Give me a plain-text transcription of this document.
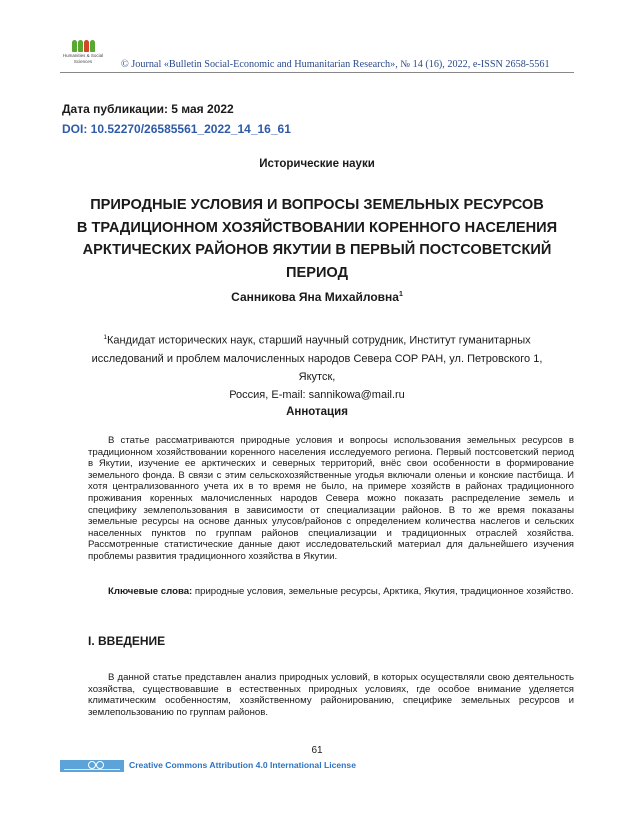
Humanities & Social
Sciences	© Journal «Bulletin Social-Economic and Humanitarian Research», № 14 (16), 2022, e-ISSN 2658-5561
Дата публикации: 5 мая 2022
DOI: 10.52270/26585561_2022_14_16_61
Исторические науки
ПРИРОДНЫЕ УСЛОВИЯ И ВОПРОСЫ ЗЕМЕЛЬНЫХ РЕСУРСОВ
В ТРАДИЦИОННОМ ХОЗЯЙСТВОВАНИИ КОРЕННОГО НАСЕЛЕНИЯ
АРКТИЧЕСКИХ РАЙОНОВ ЯКУТИИ В ПЕРВЫЙ ПОСТСОВЕТСКИЙ
ПЕРИОД
Санникова Яна Михайловна$^1$
$^1$Кандидат исторических наук, старший научный сотрудник, Институт гуманитарных
исследований и проблем малочисленных народов Севера СОР РАН, ул. Петровского 1, Якутск,
Россия, E-mail: sannikowa@mail.ru
Аннотация
В статье рассматриваются природные условия и вопросы использования земельных ресурсов в традиционном хозяйствовании коренного населения исследуемого региона. Первый постсоветский период в Якутии, изучение ее арктических и северных территорий, внёс свои особенности в формирование земельного фонда. В связи с этим сельскохозяйственные угодья включали оленьи и конские пастбища. И хотя централизованного учета их в то время не было, на примере хозяйств в районах традиционного проживания коренных малочисленных народов Севера можно показать распределение земель и специфику землепользования в зависимости от специализации районов. В то же время показаны земельные ресурсы на основе данных улусов/районов с определением количества наслегов и сельских населенных пунктов по группам районов специализации и традиционных отраслей хозяйства. Рассмотренные статистические данные дают исследовательский материал для дальнейшего изучения проблемы развития традиционного хозяйства в Якутии.
Ключевые слова: природные условия, земельные ресурсы, Арктика, Якутия, традиционное хозяйство.
I. ВВЕДЕНИЕ
В данной статье представлен анализ природных условий, в которых осуществляли свою деятельность хозяйства, существовавшие в естественных природных условиях, где особое внимание уделяется климатическим особенностям, хозяйственному районированию, специфике земельных ресурсов и землепользованию по группам районов.
61
Creative Commons Attribution 4.0 International License
